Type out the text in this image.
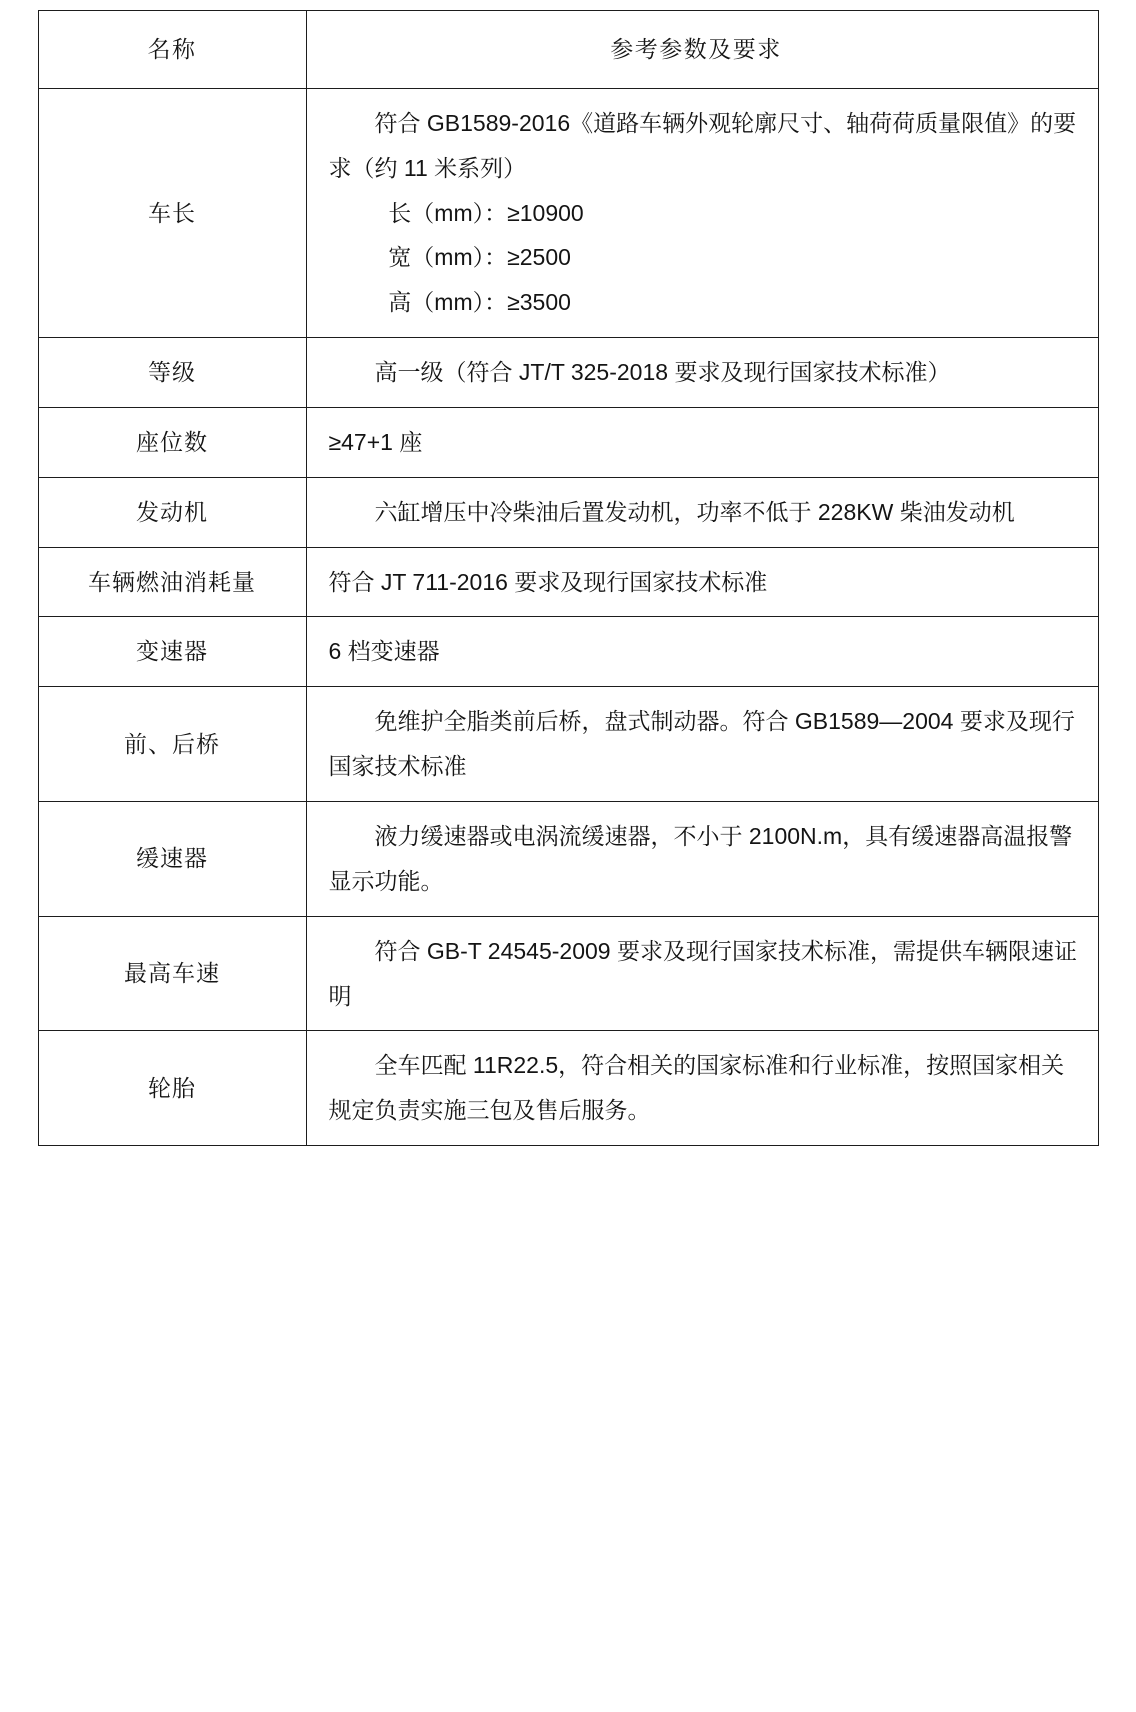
名称	参考参数及要求
车长	符合 GB1589-2016《道路车辆外观轮廓尺寸、轴荷荷质量限值》的要求（约 11 米系列）
长（mm）：≥10900
宽（mm）：≥2500
高（mm）：≥3500

等级	高一级（符合 JT/T 325-2018 要求及现行国家技术标准）

座位数	≥47+1 座

发动机	六缸增压中冷柴油后置发动机，功率不低于 228KW 柴油发动机

车辆燃油消耗量	符合 JT 711-2016 要求及现行国家技术标准

变速器	6 档变速器

前、后桥	免维护全脂类前后桥，盘式制动器。符合 GB1589—2004 要求及现行国家技术标准

缓速器	液力缓速器或电涡流缓速器，不小于 2100N.m，具有缓速器高温报警显示功能。

最高车速	符合 GB-T 24545-2009 要求及现行国家技术标准，需提供车辆限速证明

轮胎	全车匹配 11R22.5，符合相关的国家标准和行业标准，按照国家相关规定负责实施三包及售后服务。
